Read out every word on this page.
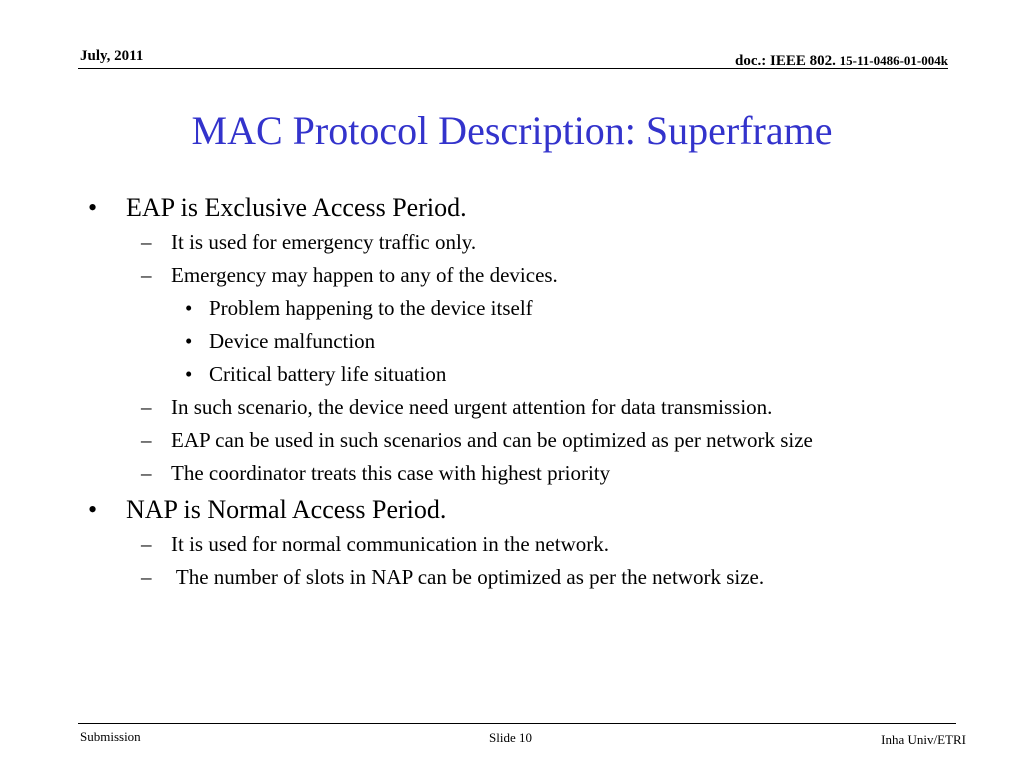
July, 2011	doc.: IEEE 802. 15-11-0486-01-004k
MAC Protocol Description: Superframe
• EAP is Exclusive Access Period.
– It is used for emergency traffic only.
– Emergency may happen to any of the devices.
• Problem happening to the device itself
• Device malfunction
• Critical battery life situation
– In such scenario, the device need urgent attention for data transmission.
– EAP can be used in such scenarios and can be optimized as per network size
– The coordinator treats this case with highest priority
• NAP is Normal Access Period.
– It is used for normal communication in the network.
– The number of slots in NAP can be optimized as per the network size.
Submission	Slide 10	Inha Univ/ETRI
